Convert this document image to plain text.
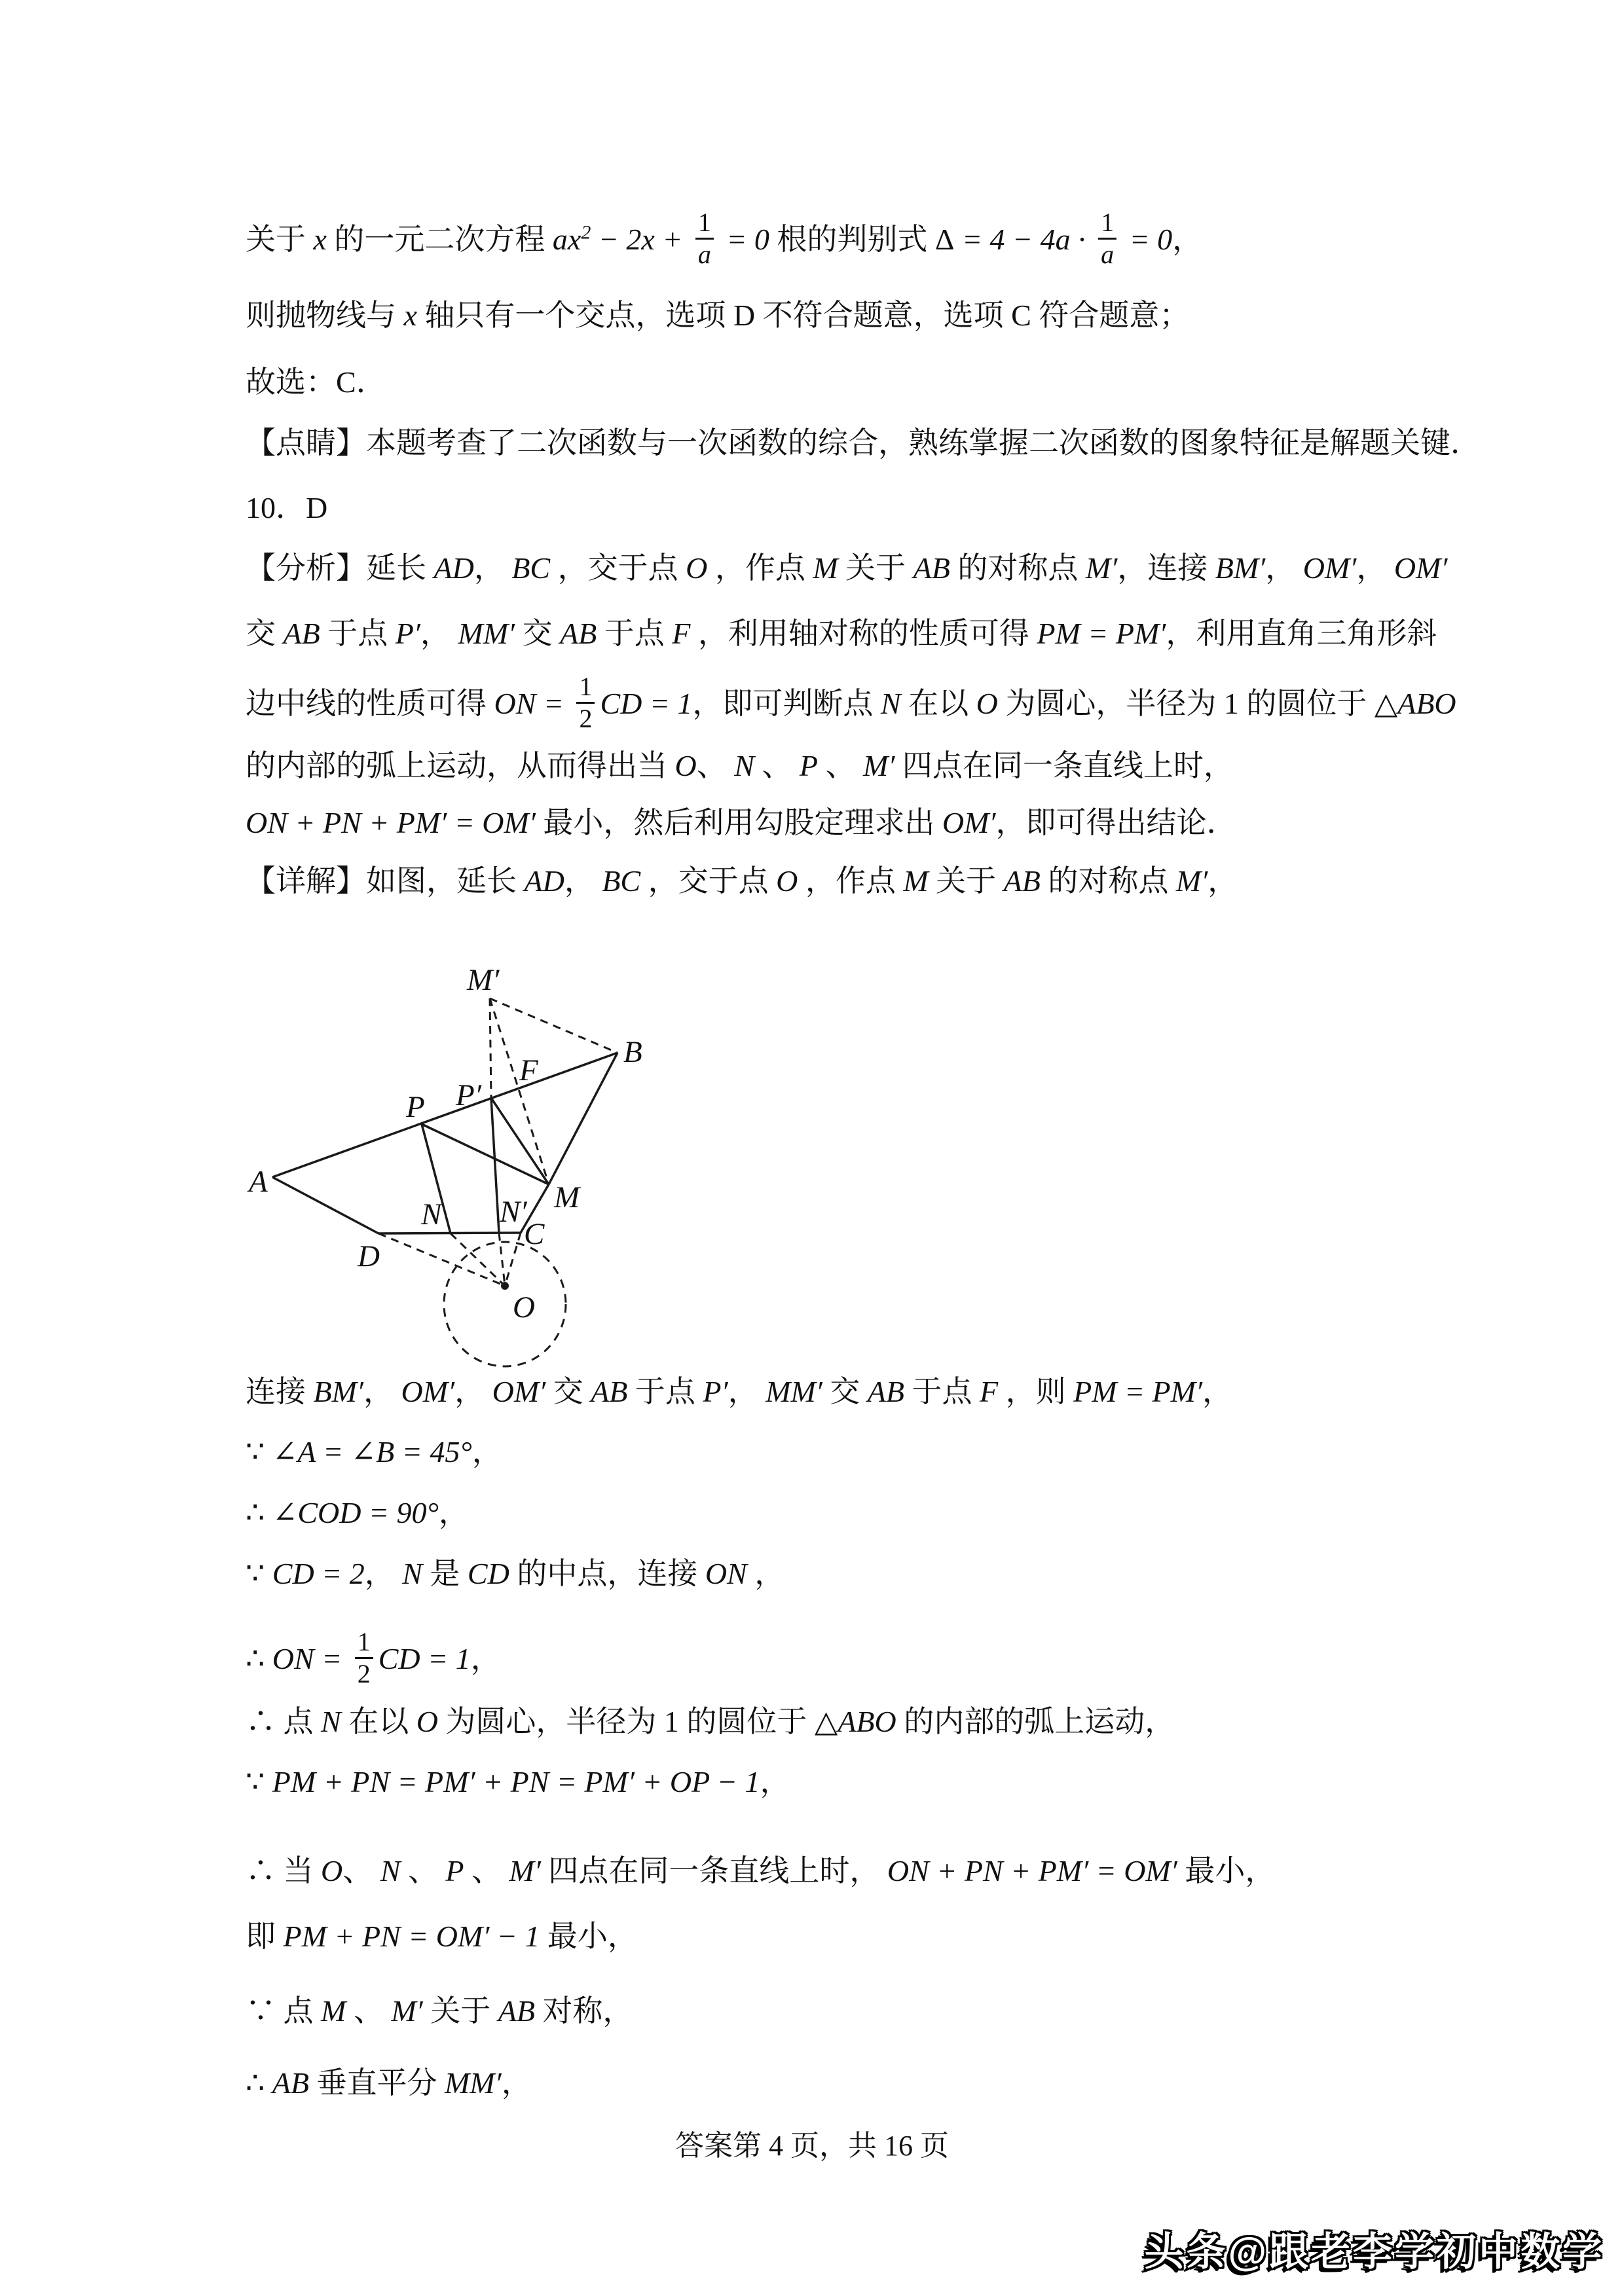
关于 x 的一元二次方程 $ax^2 - 2x + \frac{1}{a} = 0$ 根的判别式 $\Delta = 4 - 4a \cdot \frac{1}{a} = 0$，
则抛物线与 x 轴只有一个交点，选项 D 不符合题意，选项 C 符合题意；
故选：C．
【点睛】本题考查了二次函数与一次函数的综合，熟练掌握二次函数的图象特征是解题关键．
10．D
【分析】延长 AD， BC ，交于点 O ，作点 M 关于 AB 的对称点 M′，连接 BM′， OM′， OM′
交 AB 于点 P′， MM′ 交 AB 于点 F ，利用轴对称的性质可得 PM = PM′，利用直角三角形斜
边中线的性质可得 ON = $\frac{1}{2}$ CD = 1，即可判断点 N 在以 O 为圆心，半径为 1 的圆位于 △ABO
的内部的弧上运动，从而得出当 O、 N 、 P 、 M′ 四点在同一条直线上时，
ON + PN + PM′ = OM′ 最小，然后利用勾股定理求出 OM′，即可得出结论．
【详解】如图，延长 AD， BC ，交于点 O ，作点 M 关于 AB 的对称点 M′，
连接 BM′， OM′， OM′ 交 AB 于点 P′， MM′ 交 AB 于点 F ，则 PM = PM′，
∵ ∠A = ∠B = 45°，
∴ ∠COD = 90°，
∵ CD = 2， N 是 CD 的中点，连接 ON ，
∴ ON = $\frac{1}{2}$ CD = 1，
∴ 点 N 在以 O 为圆心，半径为 1 的圆位于 △ABO 的内部的弧上运动，
∵ PM + PN = PM′ + PN = PM′ + OP − 1，
∴ 当 O、 N 、 P 、 M′ 四点在同一条直线上时， ON + PN + PM′ = OM′ 最小，
即 PM + PN = OM′ − 1 最小，
∵ 点 M 、 M′ 关于 AB 对称，
∴ AB 垂直平分 MM′，
M′
B
F
P P′
A	M
N N′
C
D
O
答案第 4 页，共 16 页
头条@跟老李学初中数学
